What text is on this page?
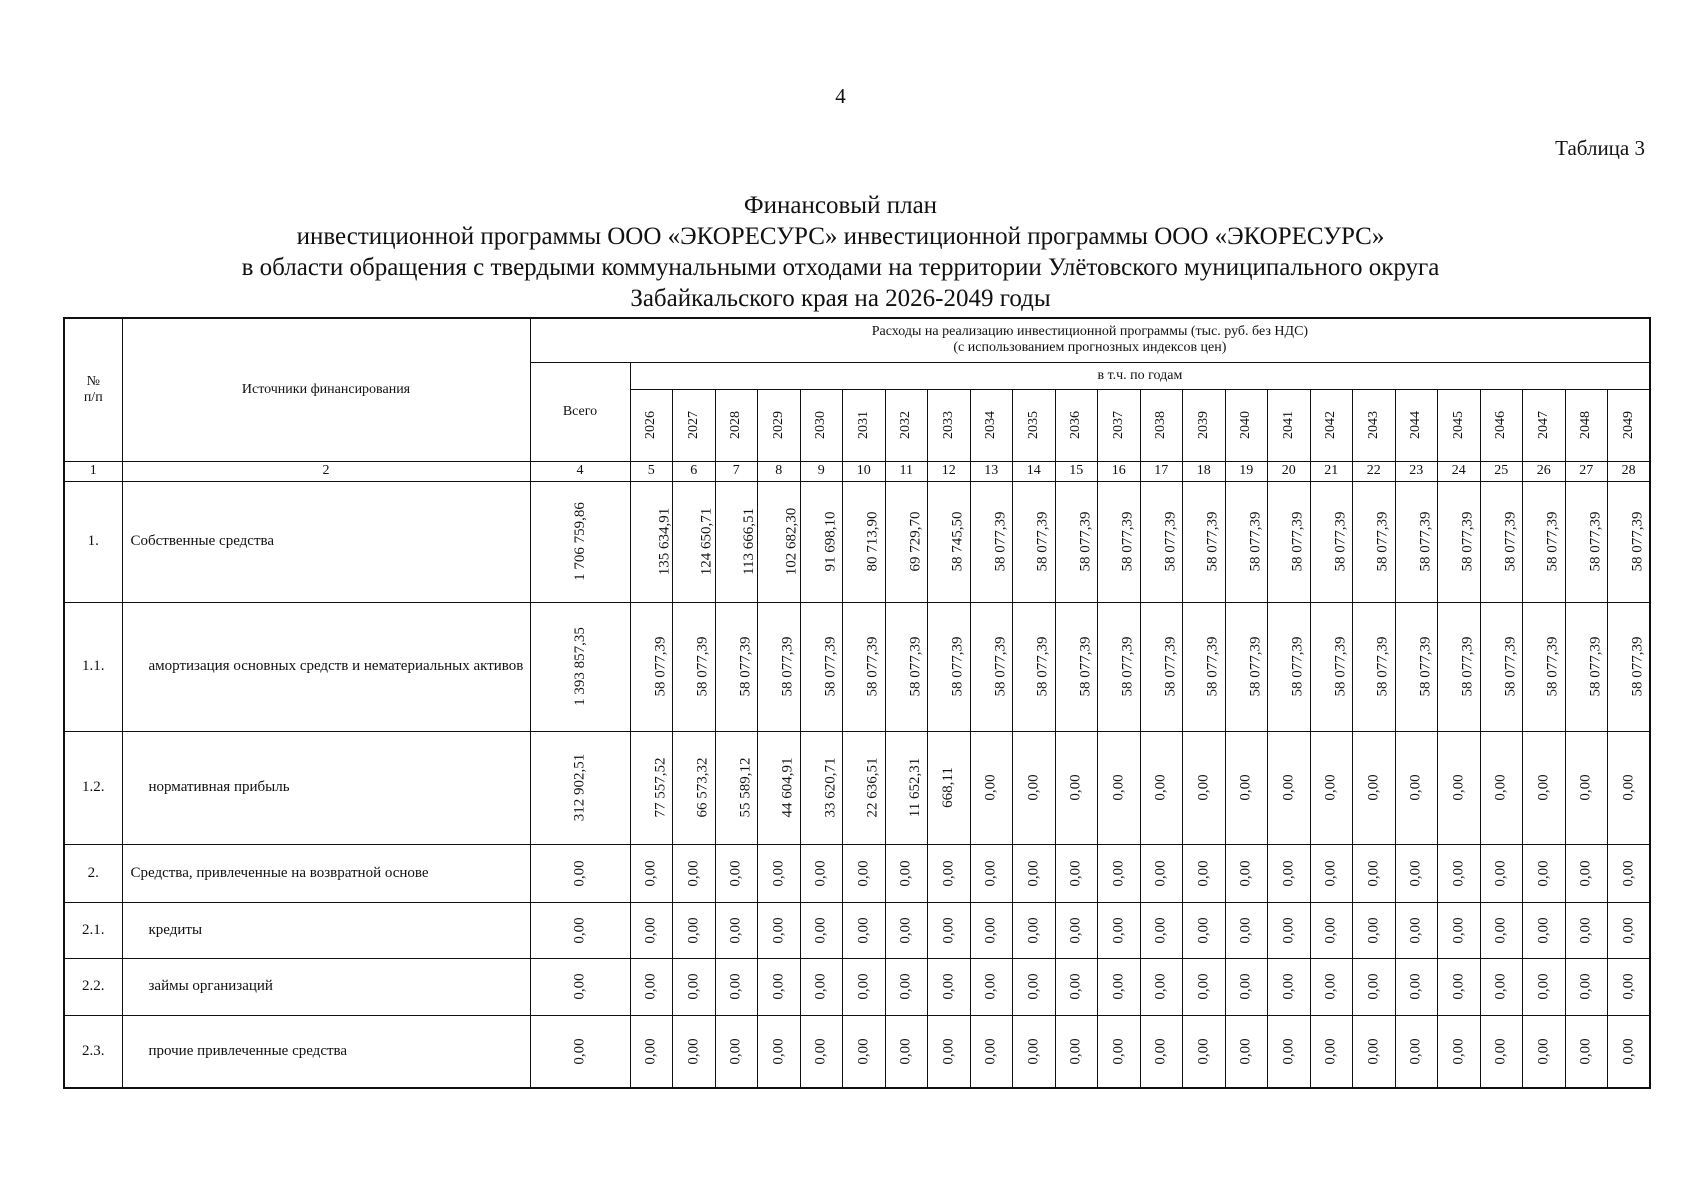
4
Таблица 3
Финансовый план
инвестиционной программы ООО «ЭКОРЕСУРС» инвестиционной программы ООО «ЭКОРЕСУРС»
в области обращения с твердыми коммунальными отходами на территории Улётовского муниципального округа
Забайкальского края на 2026-2049 годы
№
п/п	Источники финансирования	Расходы на реализацию инвестиционной программы (тыс. руб. без НДС)
(с использованием прогнозных индексов цен)																								

		Всего	в т.ч. по годам																							
			2026	2027	2028	2029	2030	2031	2032	2033	2034	2035	2036	2037	2038	2039	2040	2041	2042	2043	2044	2045	2046	2047	2048	2049
1	2	4	5	6	7	8	9	10	11	12	13	14	15	16	17	18	19	20	21	22	23	24	25	26	27	28
1.	Собственные средства	1 706 759,86	135 634,91	124 650,71	113 666,51	102 682,30	91 698,10	80 713,90	69 729,70	58 745,50	58 077,39	58 077,39	58 077,39	58 077,39	58 077,39	58 077,39	58 077,39	58 077,39	58 077,39	58 077,39	58 077,39	58 077,39	58 077,39	58 077,39	58 077,39	58 077,39
1.1.	амортизация основных средств и нематериальных активов	1 393 857,35	58 077,39	58 077,39	58 077,39	58 077,39	58 077,39	58 077,39	58 077,39	58 077,39	58 077,39	58 077,39	58 077,39	58 077,39	58 077,39	58 077,39	58 077,39	58 077,39	58 077,39	58 077,39	58 077,39	58 077,39	58 077,39	58 077,39	58 077,39	58 077,39
1.2.	нормативная прибыль	312 902,51	77 557,52	66 573,32	55 589,12	44 604,91	33 620,71	22 636,51	11 652,31	668,11	0,00	0,00	0,00	0,00	0,00	0,00	0,00	0,00	0,00	0,00	0,00	0,00	0,00	0,00	0,00	0,00
2.	Средства, привлеченные на возвратной основе	0,00	0,00	0,00	0,00	0,00	0,00	0,00	0,00	0,00	0,00	0,00	0,00	0,00	0,00	0,00	0,00	0,00	0,00	0,00	0,00	0,00	0,00	0,00	0,00	0,00
2.1.	кредиты	0,00	0,00	0,00	0,00	0,00	0,00	0,00	0,00	0,00	0,00	0,00	0,00	0,00	0,00	0,00	0,00	0,00	0,00	0,00	0,00	0,00	0,00	0,00	0,00	0,00
2.2.	займы организаций	0,00	0,00	0,00	0,00	0,00	0,00	0,00	0,00	0,00	0,00	0,00	0,00	0,00	0,00	0,00	0,00	0,00	0,00	0,00	0,00	0,00	0,00	0,00	0,00	0,00
2.3.	прочие привлеченные средства	0,00	0,00	0,00	0,00	0,00	0,00	0,00	0,00	0,00	0,00	0,00	0,00	0,00	0,00	0,00	0,00	0,00	0,00	0,00	0,00	0,00	0,00	0,00	0,00	0,00
